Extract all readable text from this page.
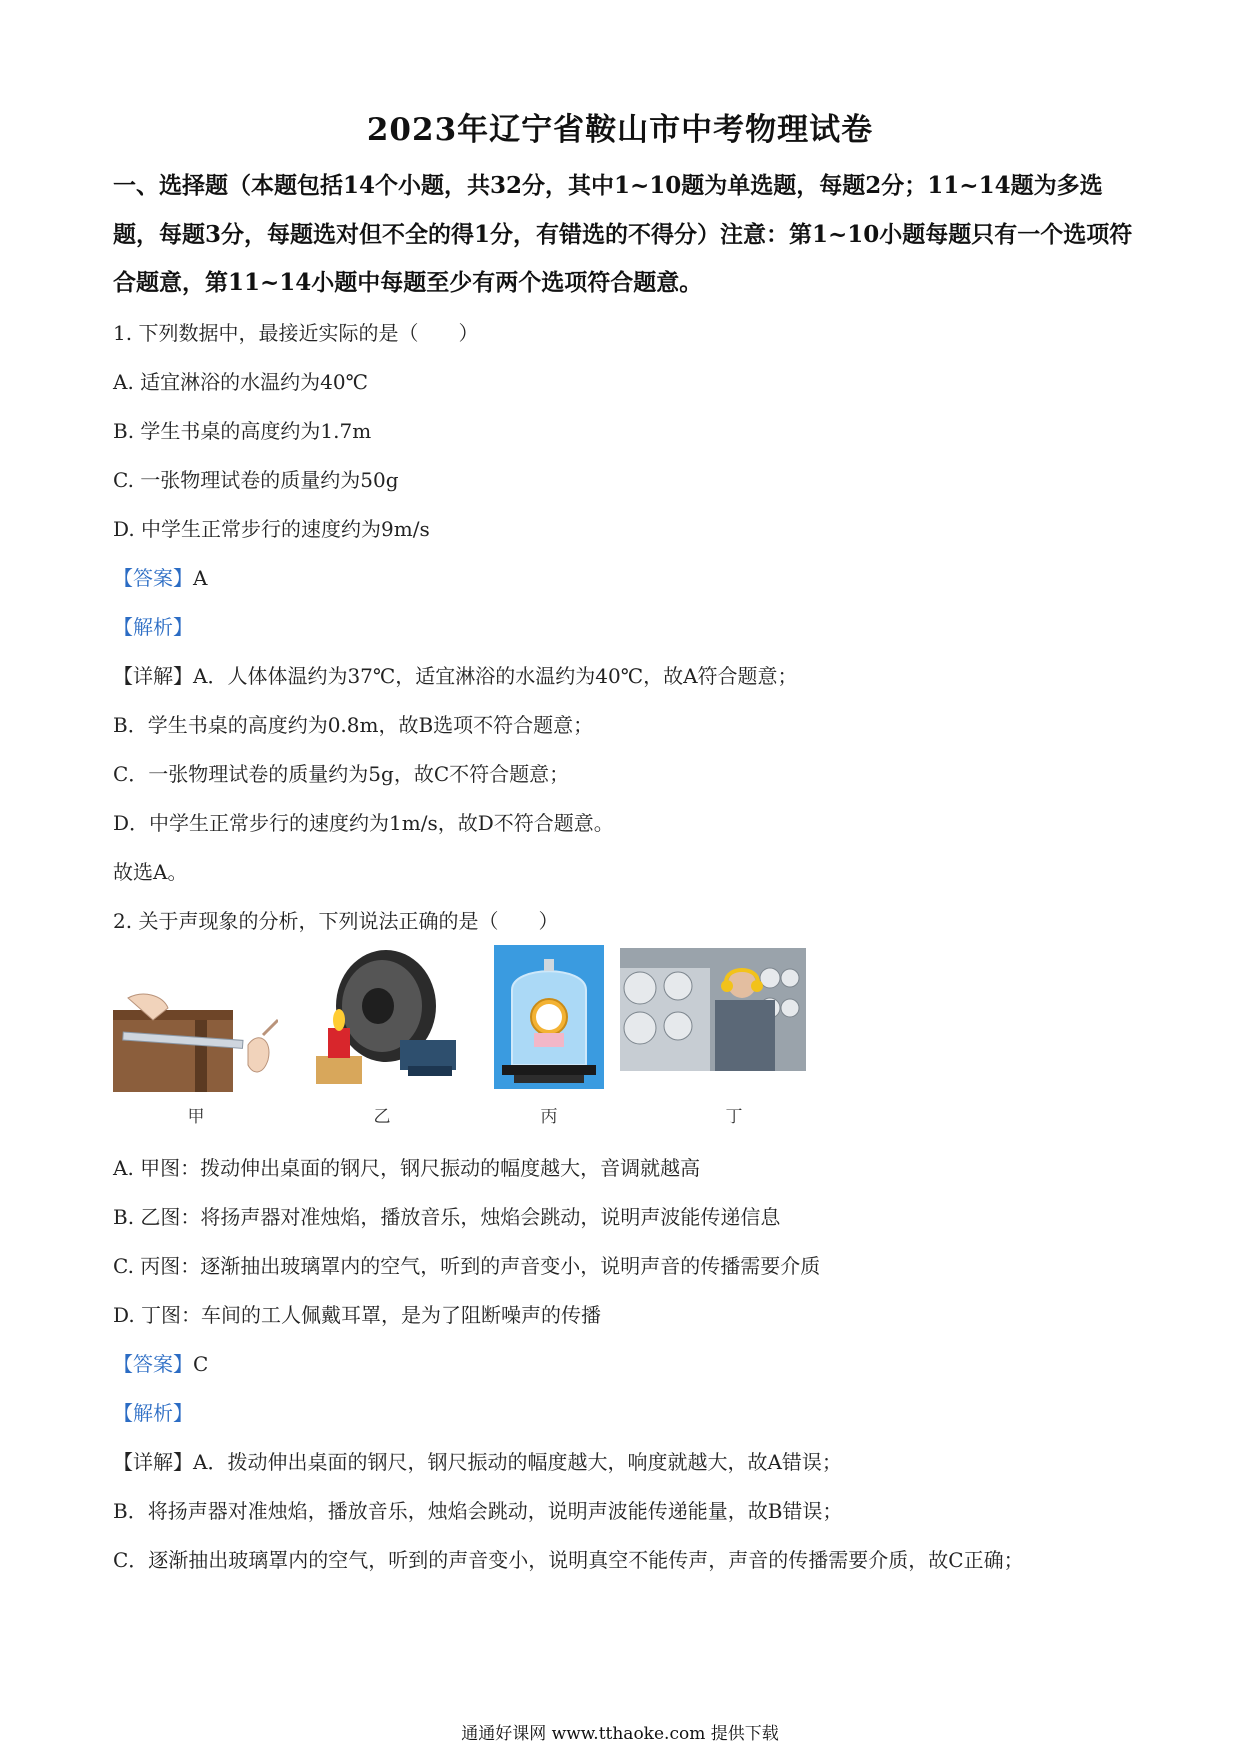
2023年辽宁省鞍山市中考物理试卷
一、选择题（本题包括14个小题，共32分，其中1~10题为单选题，每题2分；11~14题为多选题，每题3分，每题选对但不全的得1分，有错选的不得分）注意：第1~10小题每题只有一个选项符合题意，第11~14小题中每题至少有两个选项符合题意。
1. 下列数据中，最接近实际的是（　　）
A. 适宜淋浴的水温约为40℃
B. 学生书桌的高度约为1.7m
C. 一张物理试卷的质量约为50g
D. 中学生正常步行的速度约为9m/s
【答案】A
【解析】
【详解】A．人体体温约为37℃，适宜淋浴的水温约为40℃，故A符合题意；
B．学生书桌的高度约为0.8m，故B选项不符合题意；
C．一张物理试卷的质量约为5g，故C不符合题意；
D．中学生正常步行的速度约为1m/s，故D不符合题意。
故选A。
2. 关于声现象的分析，下列说法正确的是（　　）
甲	乙	丙	丁
A. 甲图：拨动伸出桌面的钢尺，钢尺振动的幅度越大，音调就越高
B. 乙图：将扬声器对准烛焰，播放音乐，烛焰会跳动，说明声波能传递信息
C. 丙图：逐渐抽出玻璃罩内的空气，听到的声音变小，说明声音的传播需要介质
D. 丁图：车间的工人佩戴耳罩，是为了阻断噪声的传播
【答案】C
【解析】
【详解】A．拨动伸出桌面的钢尺，钢尺振动的幅度越大，响度就越大，故A错误；
B．将扬声器对准烛焰，播放音乐，烛焰会跳动，说明声波能传递能量，故B错误；
C．逐渐抽出玻璃罩内的空气，听到的声音变小，说明真空不能传声，声音的传播需要介质，故C正确；
通通好课网 www.tthaoke.com 提供下载
